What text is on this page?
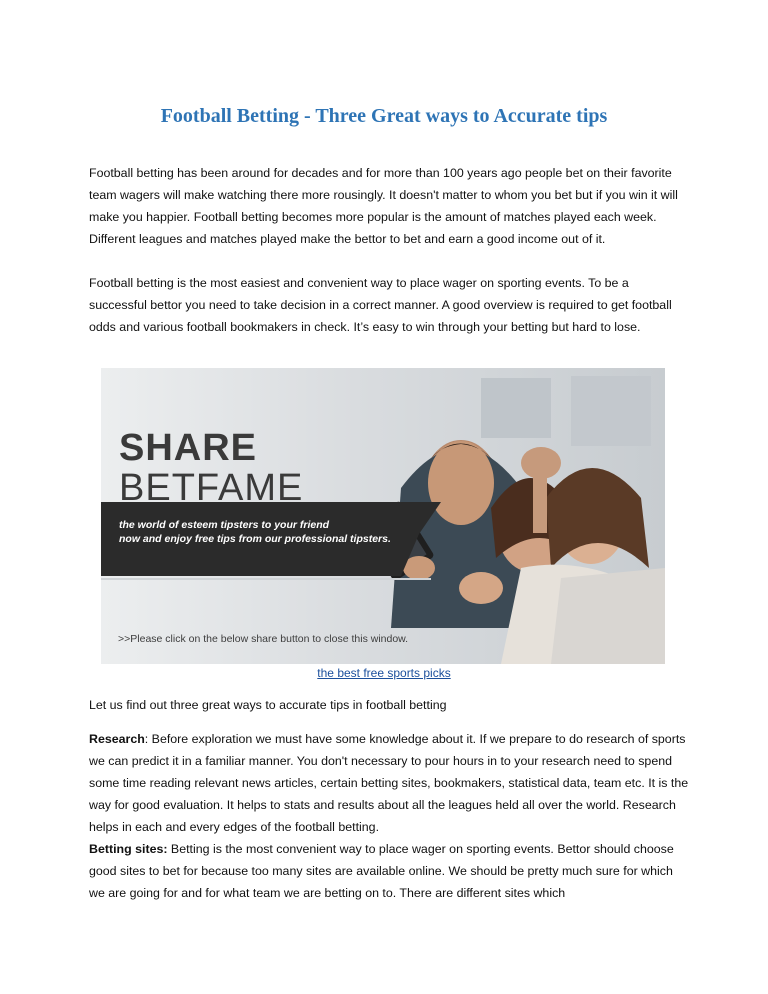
Football Betting - Three Great ways to Accurate tips

Football betting has been around for decades and for more than 100 years ago people bet on their favorite team wagers will make watching there more rousingly. It doesn't matter to whom you bet but if you win it will make you happier. Football betting becomes more popular is the amount of matches played each week. Different leagues and matches played make the bettor to bet and earn a good income out of it.

Football betting is the most easiest and convenient way to place wager on sporting events. To be a successful bettor you need to take decision in a correct manner. A good overview is required to get football odds and various football bookmakers in check. It’s easy to win through your betting but hard to lose.

SHARE
BETFAME

the world of esteem tipsters to your friend
now and enjoy free tips from our professional tipsters.

>>Please click on the below share button to close this window.

the best free sports picks

Let us find out three great ways to accurate tips in football betting

Research: Before exploration we must have some knowledge about it. If we prepare to do research of sports we can predict it in a familiar manner. You don't necessary to pour hours in to your research need to spend some time reading relevant news articles, certain betting sites, bookmakers, statistical data, team etc. It is the way for good evaluation. It helps to stats and results about all the leagues held all over the world. Research helps in each and every edges of the football betting.

Betting sites: Betting is the most convenient way to place wager on sporting events. Bettor should choose good sites to bet for because too many sites are available online. We should be pretty much sure for which we are going for and for what team we are betting on to. There are different sites which
